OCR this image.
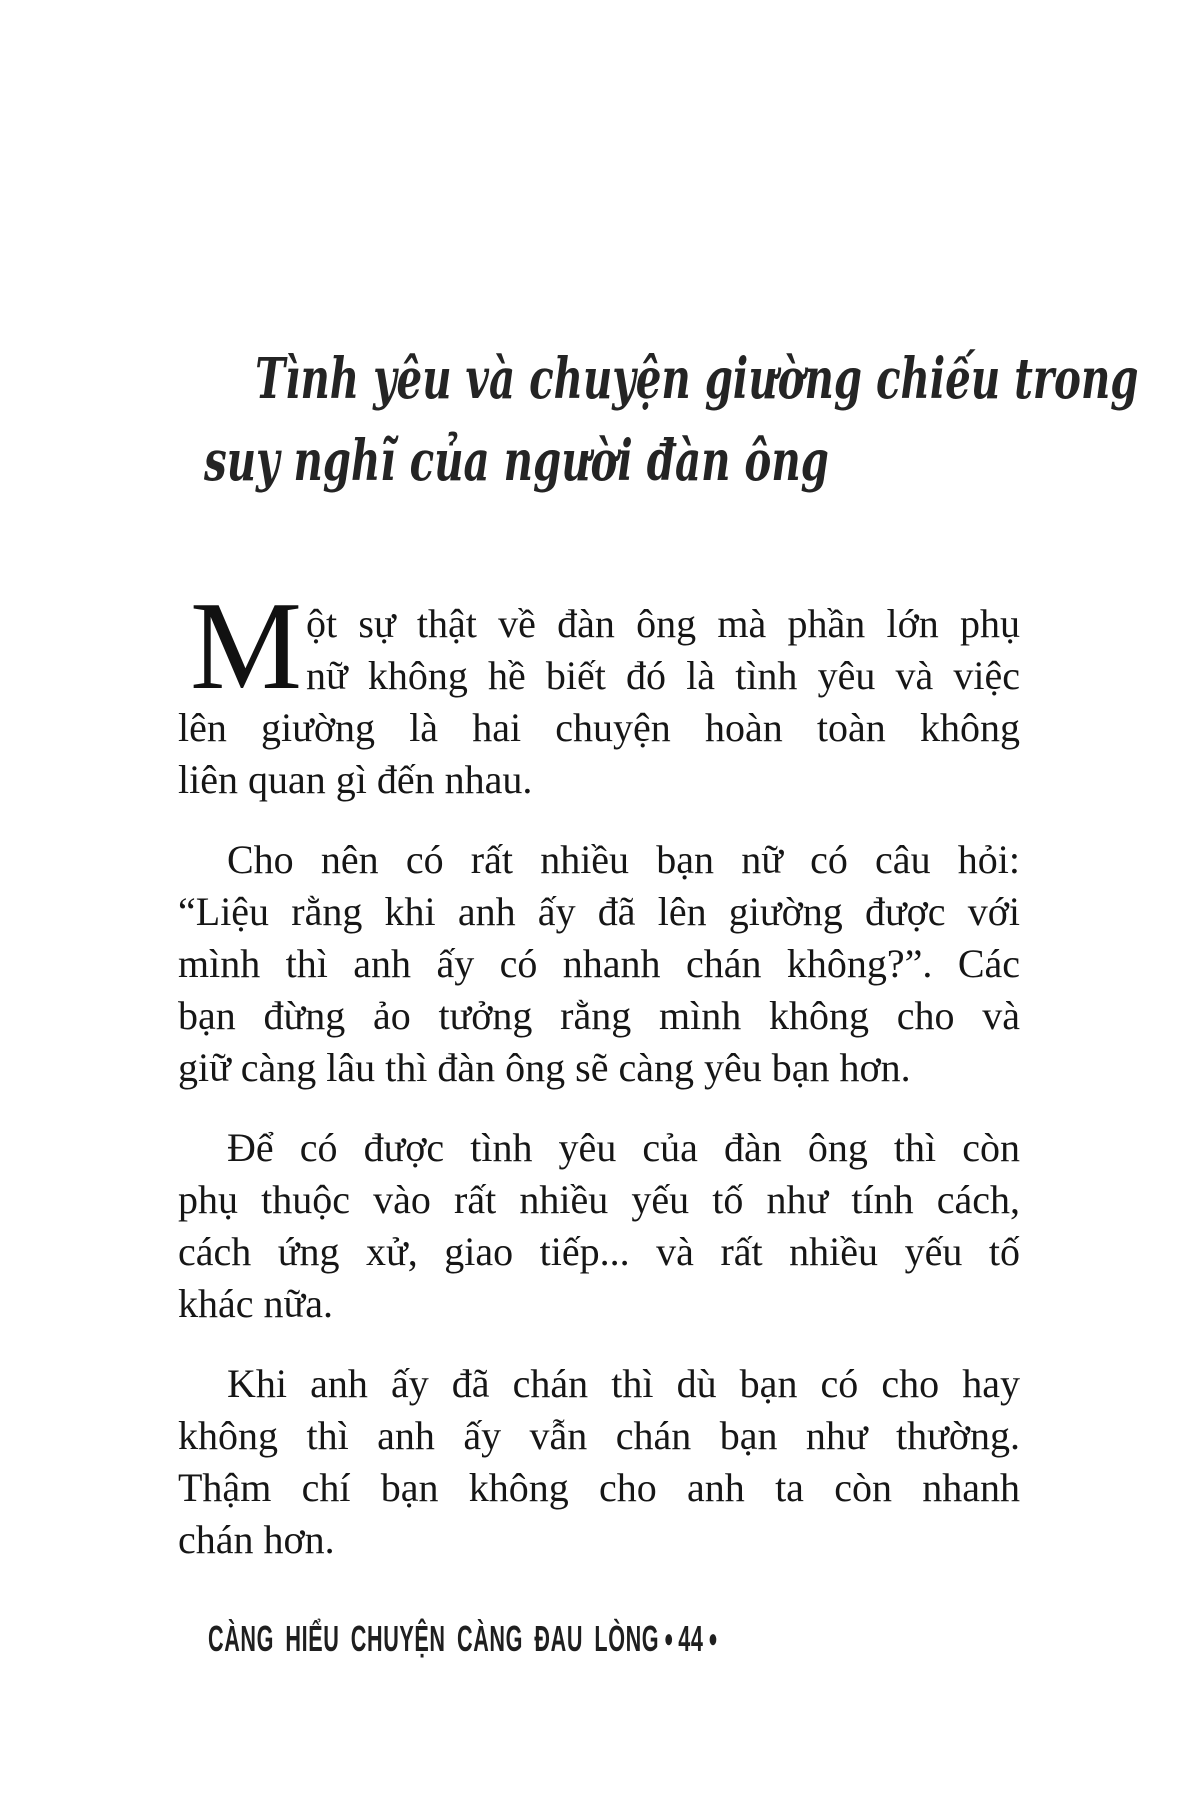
Tình yêu và chuyện giường chiếu trong
suy nghĩ của người đàn ông
M ột sự thật về đàn ông mà phần lớn phụ
nữ không hề biết đó là tình yêu và việc
lên giường là hai chuyện hoàn toàn không
liên quan gì đến nhau.
Cho nên có rất nhiều bạn nữ có câu hỏi:
“Liệu rằng khi anh ấy đã lên giường được với
mình thì anh ấy có nhanh chán không?”. Các
bạn đừng ảo tưởng rằng mình không cho và
giữ càng lâu thì đàn ông sẽ càng yêu bạn hơn.
Để có được tình yêu của đàn ông thì còn
phụ thuộc vào rất nhiều yếu tố như tính cách,
cách ứng xử, giao tiếp... và rất nhiều yếu tố
khác nữa.
Khi anh ấy đã chán thì dù bạn có cho hay
không thì anh ấy vẫn chán bạn như thường.
Thậm chí bạn không cho anh ta còn nhanh
chán hơn.
CÀNG HIỂU CHUYỆN CÀNG ĐAU LÒNG ● 44 ●
